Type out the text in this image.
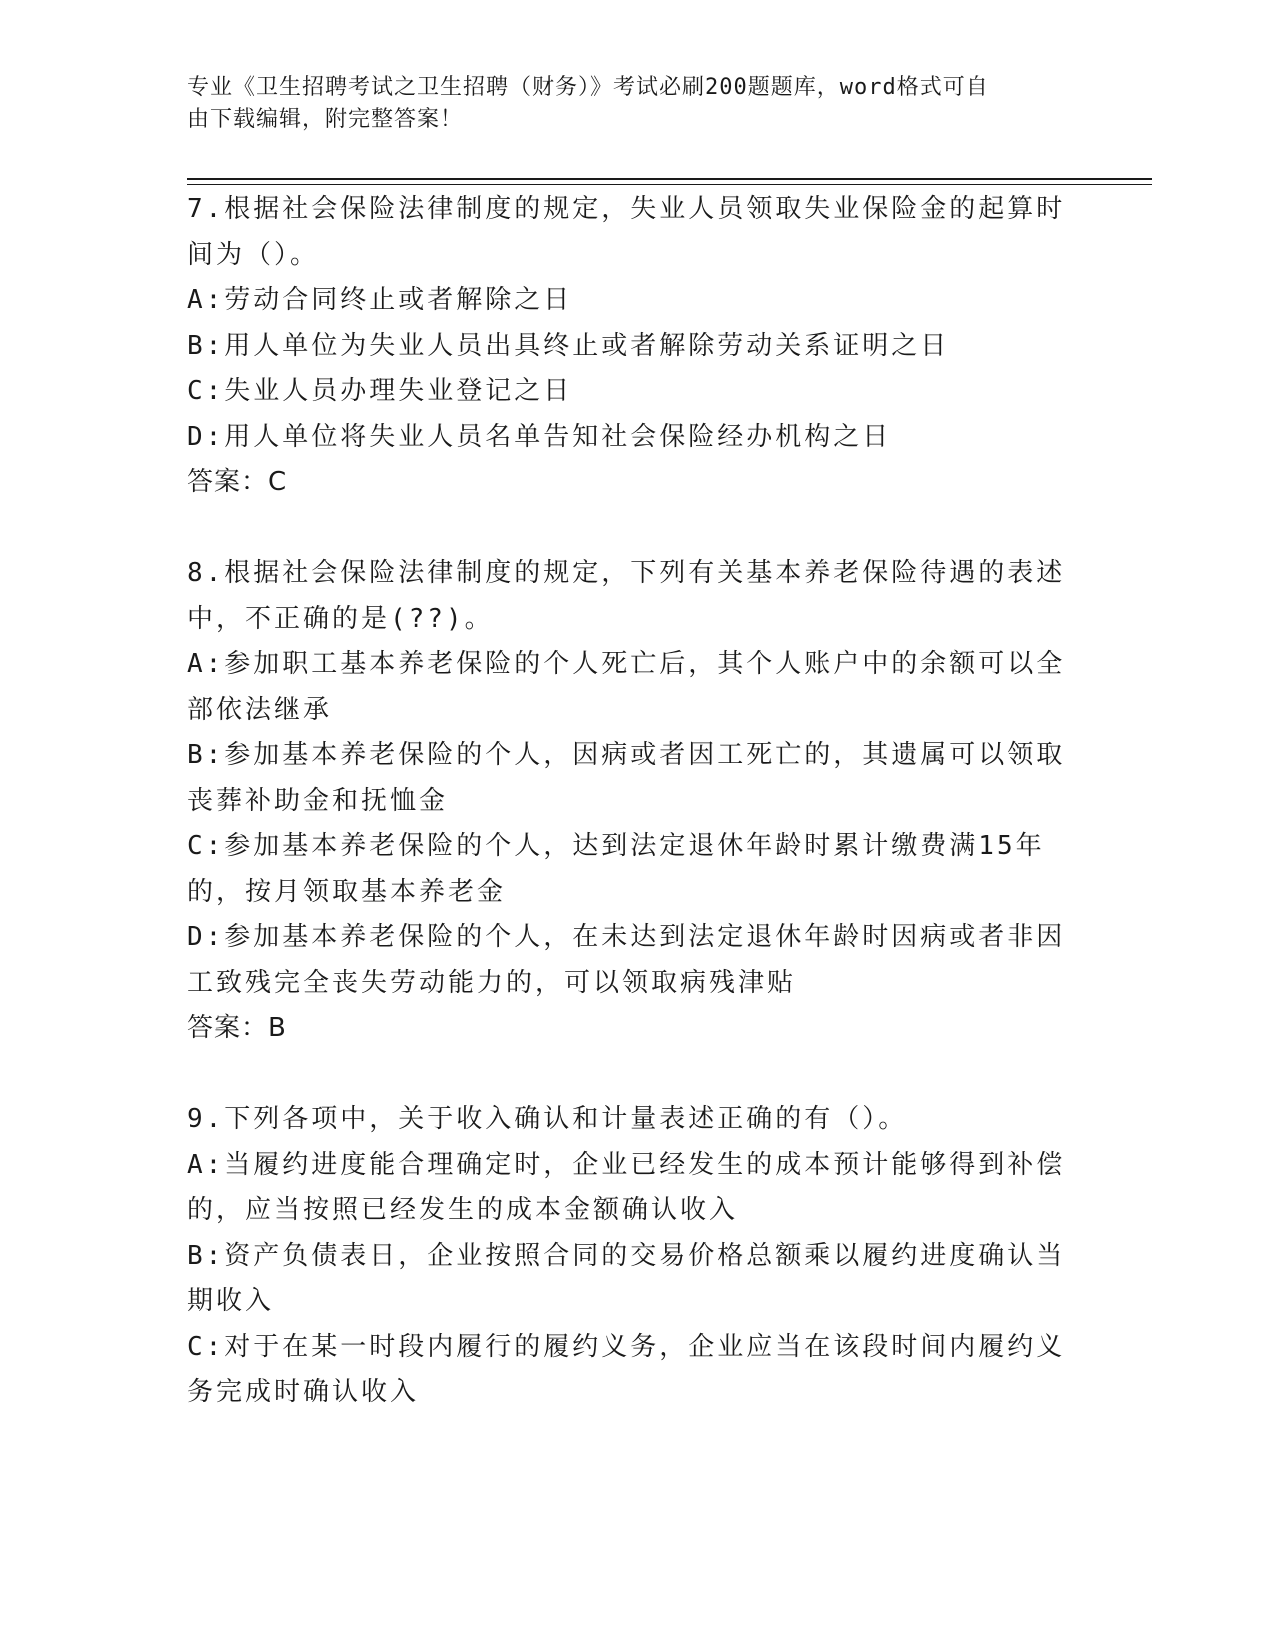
专业《卫生招聘考试之卫生招聘（财务）》考试必刷200题题库，word格式可自
由下载编辑，附完整答案！
7.根据社会保险法律制度的规定，失业人员领取失业保险金的起算时
间为（）。
A:劳动合同终止或者解除之日
B:用人单位为失业人员出具终止或者解除劳动关系证明之日
C:失业人员办理失业登记之日
D:用人单位将失业人员名单告知社会保险经办机构之日
答案：C
8.根据社会保险法律制度的规定，下列有关基本养老保险待遇的表述
中，不正确的是(??)。
A:参加职工基本养老保险的个人死亡后，其个人账户中的余额可以全
部依法继承
B:参加基本养老保险的个人，因病或者因工死亡的，其遗属可以领取
丧葬补助金和抚恤金
C:参加基本养老保险的个人，达到法定退休年龄时累计缴费满15年
的，按月领取基本养老金
D:参加基本养老保险的个人，在未达到法定退休年龄时因病或者非因
工致残完全丧失劳动能力的，可以领取病残津贴
答案：B
9.下列各项中，关于收入确认和计量表述正确的有（）。
A:当履约进度能合理确定时，企业已经发生的成本预计能够得到补偿
的，应当按照已经发生的成本金额确认收入
B:资产负债表日，企业按照合同的交易价格总额乘以履约进度确认当
期收入
C:对于在某一时段内履行的履约义务，企业应当在该段时间内履约义
务完成时确认收入
